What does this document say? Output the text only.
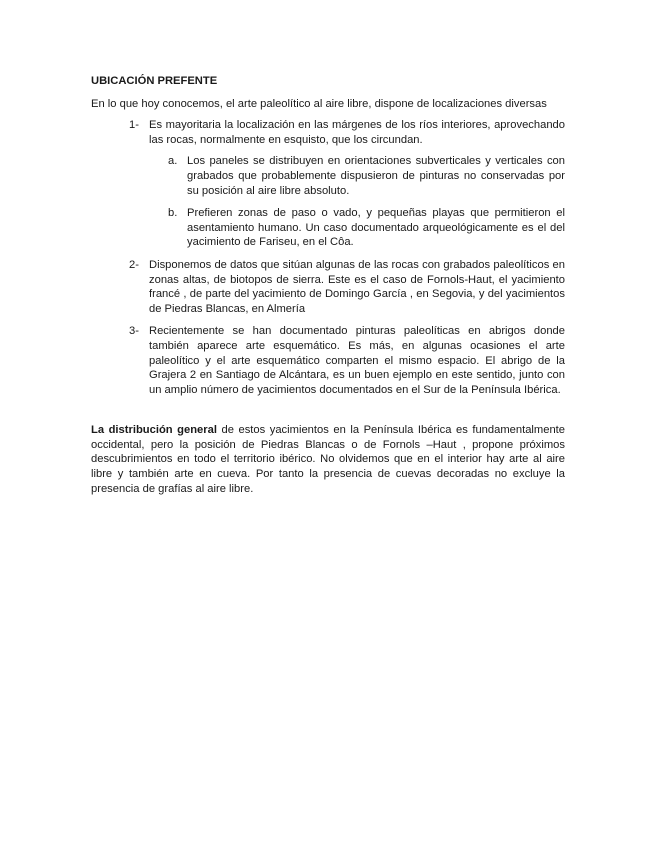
UBICACIÓN PREFENTE

En lo que hoy conocemos, el arte paleolítico al aire libre, dispone de localizaciones diversas

1- Es mayoritaria la localización en las márgenes de los ríos interiores, aprovechando las rocas, normalmente en esquisto, que los circundan.
a. Los paneles se distribuyen en orientaciones subverticales y verticales con grabados que probablemente dispusieron de pinturas no conservadas por su posición al aire libre absoluto.
b. Prefieren zonas de paso o vado, y pequeñas playas que permitieron el asentamiento humano. Un caso documentado arqueológicamente es el del yacimiento de Fariseu, en el Côa.
2- Disponemos de datos que sitúan algunas de las rocas con grabados paleolíticos en zonas altas, de biotopos de sierra. Este es el caso de Fornols-Haut, el yacimiento francé , de parte del yacimiento de Domingo García , en Segovia, y del yacimientos de Piedras Blancas, en Almería
3- Recientemente se han documentado pinturas paleolíticas en abrigos donde también aparece arte esquemático. Es más, en algunas ocasiones el arte paleolítico y el arte esquemático comparten el mismo espacio. El abrigo de la Grajera 2 en Santiago de Alcántara, es un buen ejemplo en este sentido, junto con un amplio número de yacimientos documentados en el Sur de la Península Ibérica.

La distribución general de estos yacimientos en la Península Ibérica es fundamentalmente occidental, pero la posición de Piedras Blancas o de Fornols –Haut , propone próximos descubrimientos en todo el territorio ibérico. No olvidemos que en el interior hay arte al aire libre y también arte en cueva. Por tanto la presencia de cuevas decoradas no excluye la presencia de grafías al aire libre.
